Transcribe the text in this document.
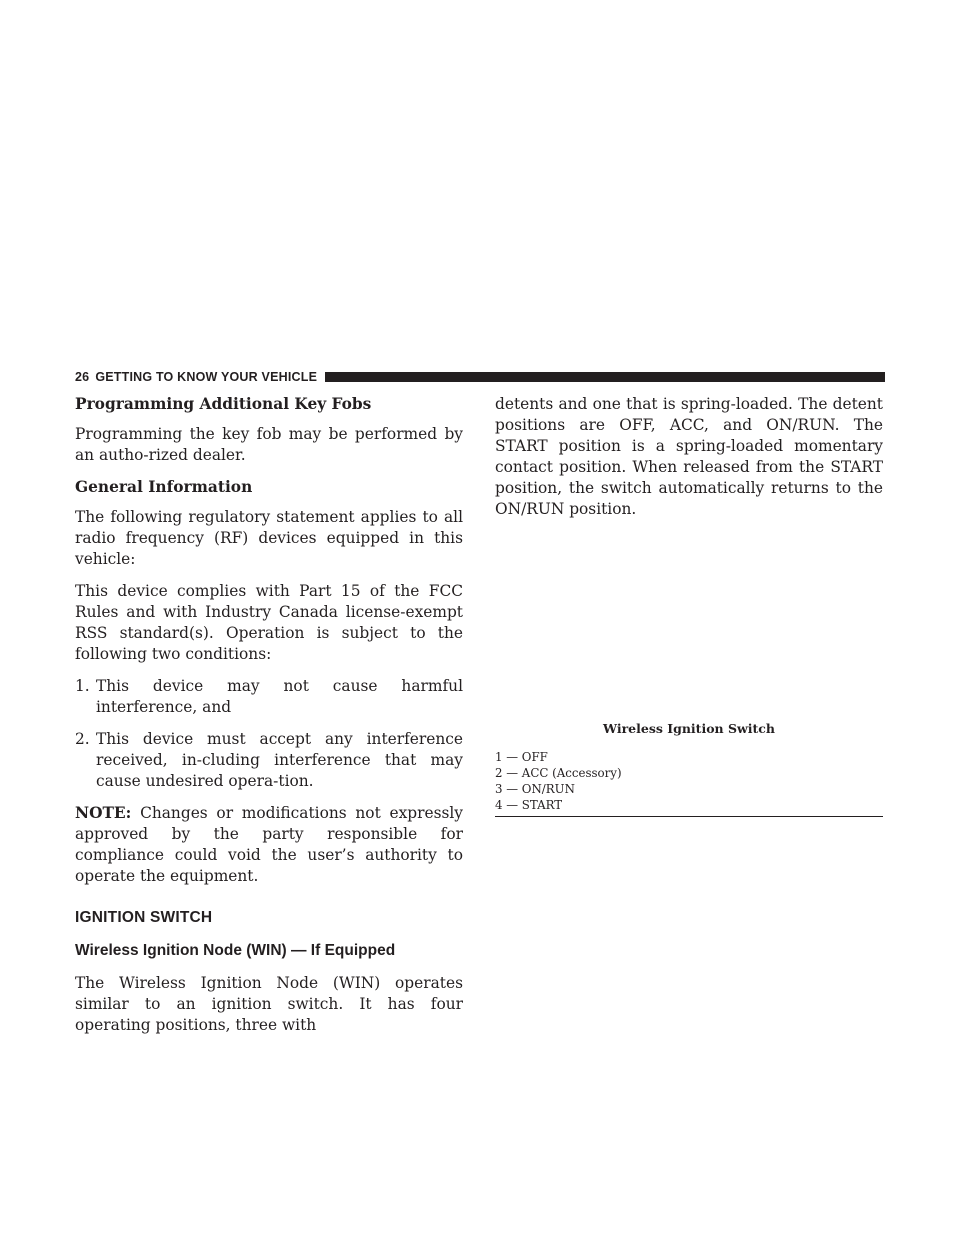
26 GETTING TO KNOW YOUR VEHICLE

Programming Additional Key Fobs

Programming the key fob may be performed by an autho-rized dealer.

General Information

The following regulatory statement applies to all radio frequency (RF) devices equipped in this vehicle:

This device complies with Part 15 of the FCC Rules and with Industry Canada license-exempt RSS standard(s). Operation is subject to the following two conditions:

1. This device may not cause harmful interference, and
2. This device must accept any interference received, in-cluding interference that may cause undesired opera-tion.

NOTE: Changes or modifications not expressly approved by the party responsible for compliance could void the user’s authority to operate the equipment.

IGNITION SWITCH
Wireless Ignition Node (WIN) — If Equipped

The Wireless Ignition Node (WIN) operates similar to an ignition switch. It has four operating positions, three with

detents and one that is spring-loaded. The detent positions are OFF, ACC, and ON/RUN. The START position is a spring-loaded momentary contact position. When released from the START position, the switch automatically returns to the ON/RUN position.

Wireless Ignition Switch
1 — OFF
2 — ACC (Accessory)
3 — ON/RUN
4 — START
